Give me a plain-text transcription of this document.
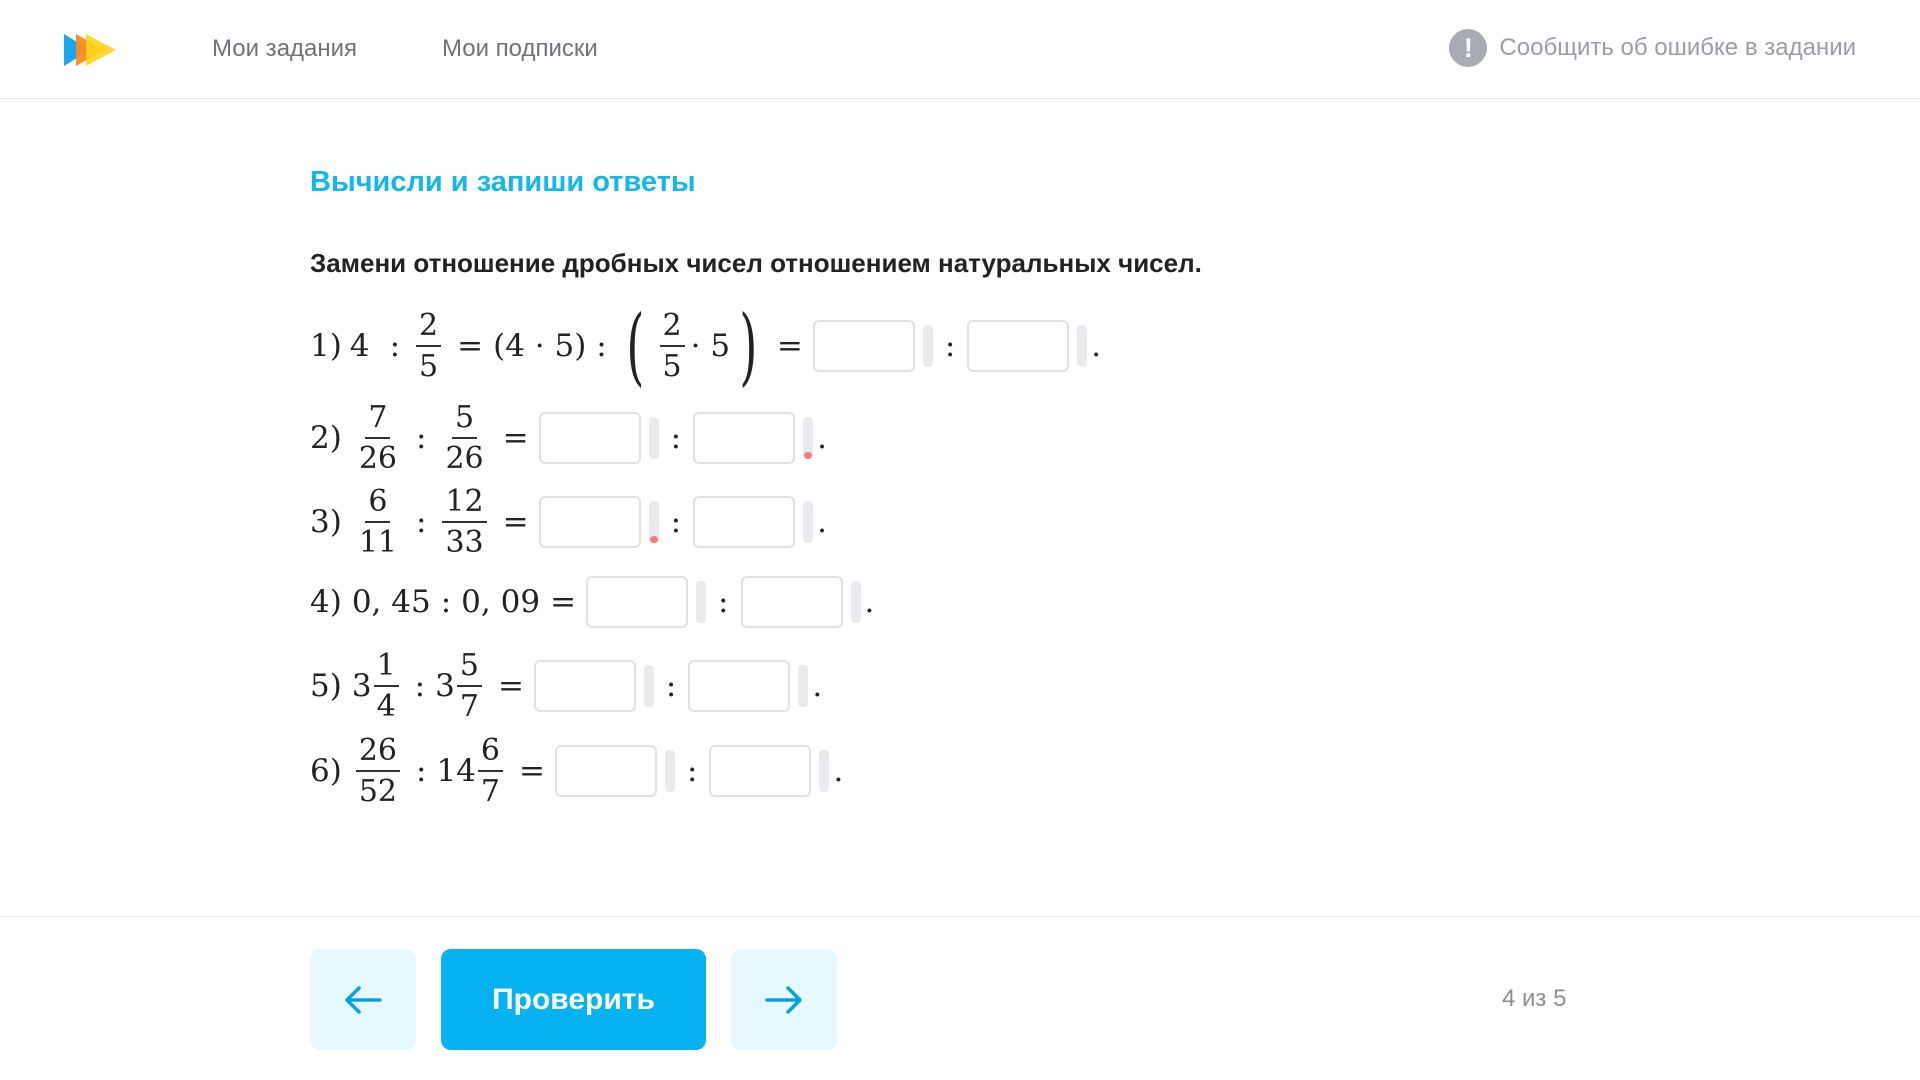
Мои задания	Мои подписки	!	Сообщить об ошибке в задании
Вычисли и запиши ответы
Замени отношение дробных чисел отношением натуральных чисел.
1) 4 : $\frac{2}{5} = (4 \cdot 5)$ : ( $\frac{2}{5} \cdot 5$ ) =	:	.
$2) \frac{7}{26}$ : $\frac{5}{26}$ =	:	.
$3) \frac{6}{11}$ : $\frac{12}{33}$ =	:	.
4) 0, 45 : 0, 09 =	:	.
5) $3 \frac{1}{4}$ : $3 \frac{5}{7}$ =	:	.
$6) \frac{26}{52}$ : $14 \frac{6}{7}$ =	:	.
Проверить	4 из 5
